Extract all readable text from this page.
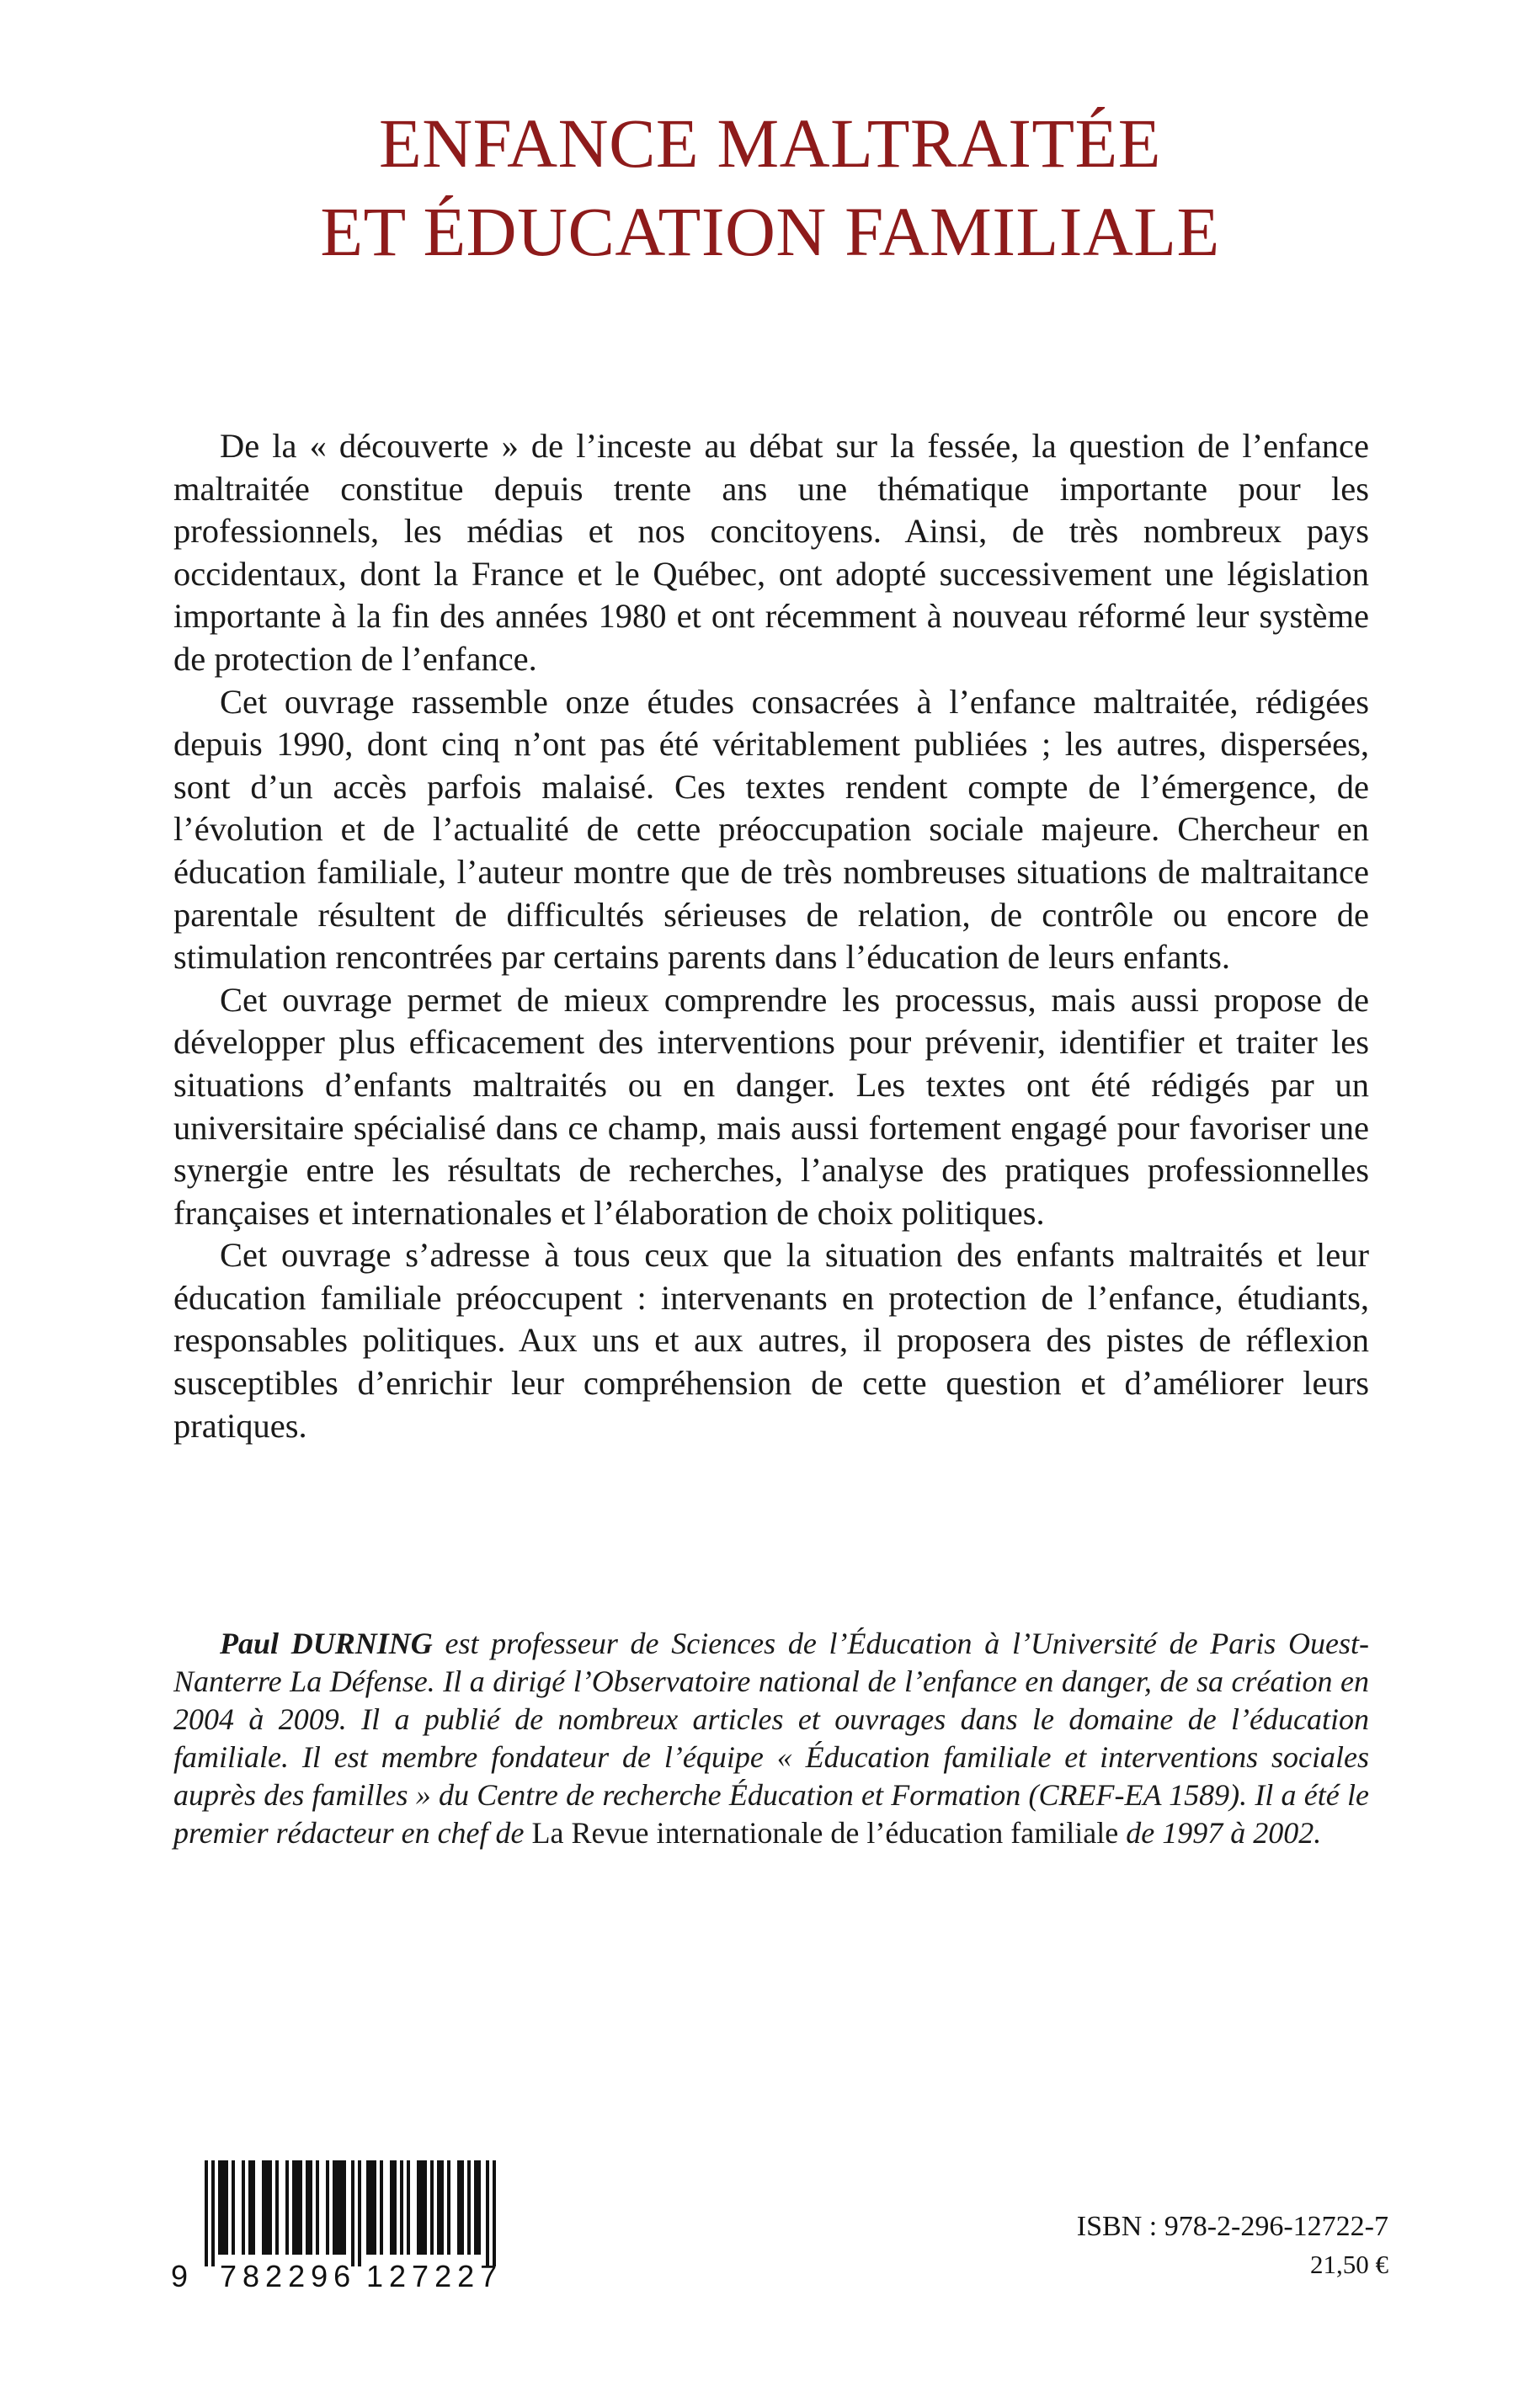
ENFANCE MALTRAITÉE
ET ÉDUCATION FAMILIALE

De la « découverte » de l’inceste au débat sur la fessée, la question de l’enfance maltraitée constitue depuis trente ans une thématique importante pour les professionnels, les médias et nos concitoyens. Ainsi, de très nombreux pays occidentaux, dont la France et le Québec, ont adopté successivement une législation importante à la fin des années 1980 et ont récemment à nouveau réformé leur système de protection de l’enfance.

Cet ouvrage rassemble onze études consacrées à l’enfance maltraitée, rédigées depuis 1990, dont cinq n’ont pas été véritablement publiées ; les autres, dispersées, sont d’un accès parfois malaisé. Ces textes rendent compte de l’émergence, de l’évolution et de l’actualité de cette préoccupation sociale majeure. Chercheur en éducation familiale, l’auteur montre que de très nombreuses situations de maltraitance parentale résultent de difficultés sérieuses de relation, de contrôle ou encore de stimulation rencontrées par certains parents dans l’éducation de leurs enfants.

Cet ouvrage permet de mieux comprendre les processus, mais aussi propose de développer plus efficacement des interventions pour prévenir, identifier et traiter les situations d’enfants maltraités ou en danger. Les textes ont été rédigés par un universitaire spécialisé dans ce champ, mais aussi fortement engagé pour favoriser une synergie entre les résultats de recherches, l’analyse des pratiques professionnelles françaises et internationales et l’élaboration de choix politiques.

Cet ouvrage s’adresse à tous ceux que la situation des enfants maltraités et leur éducation familiale préoccupent : intervenants en protection de l’enfance, étudiants, responsables politiques. Aux uns et aux autres, il proposera des pistes de réflexion susceptibles d’enrichir leur compréhension de cette question et d’améliorer leurs pratiques.

Paul DURNING est professeur de Sciences de l’Éducation à l’Université de Paris Ouest-Nanterre La Défense. Il a dirigé l’Observatoire national de l’enfance en danger, de sa création en 2004 à 2009. Il a publié de nombreux articles et ouvrages dans le domaine de l’éducation familiale. Il est membre fondateur de l’équipe « Éducation familiale et interventions sociales auprès des familles » du Centre de recherche Éducation et Formation (CREF-EA 1589). Il a été le premier rédacteur en chef de La Revue internationale de l’éducation familiale de 1997 à 2002.

9 782296 127227
ISBN : 978-2-296-12722-7
21,50 €
